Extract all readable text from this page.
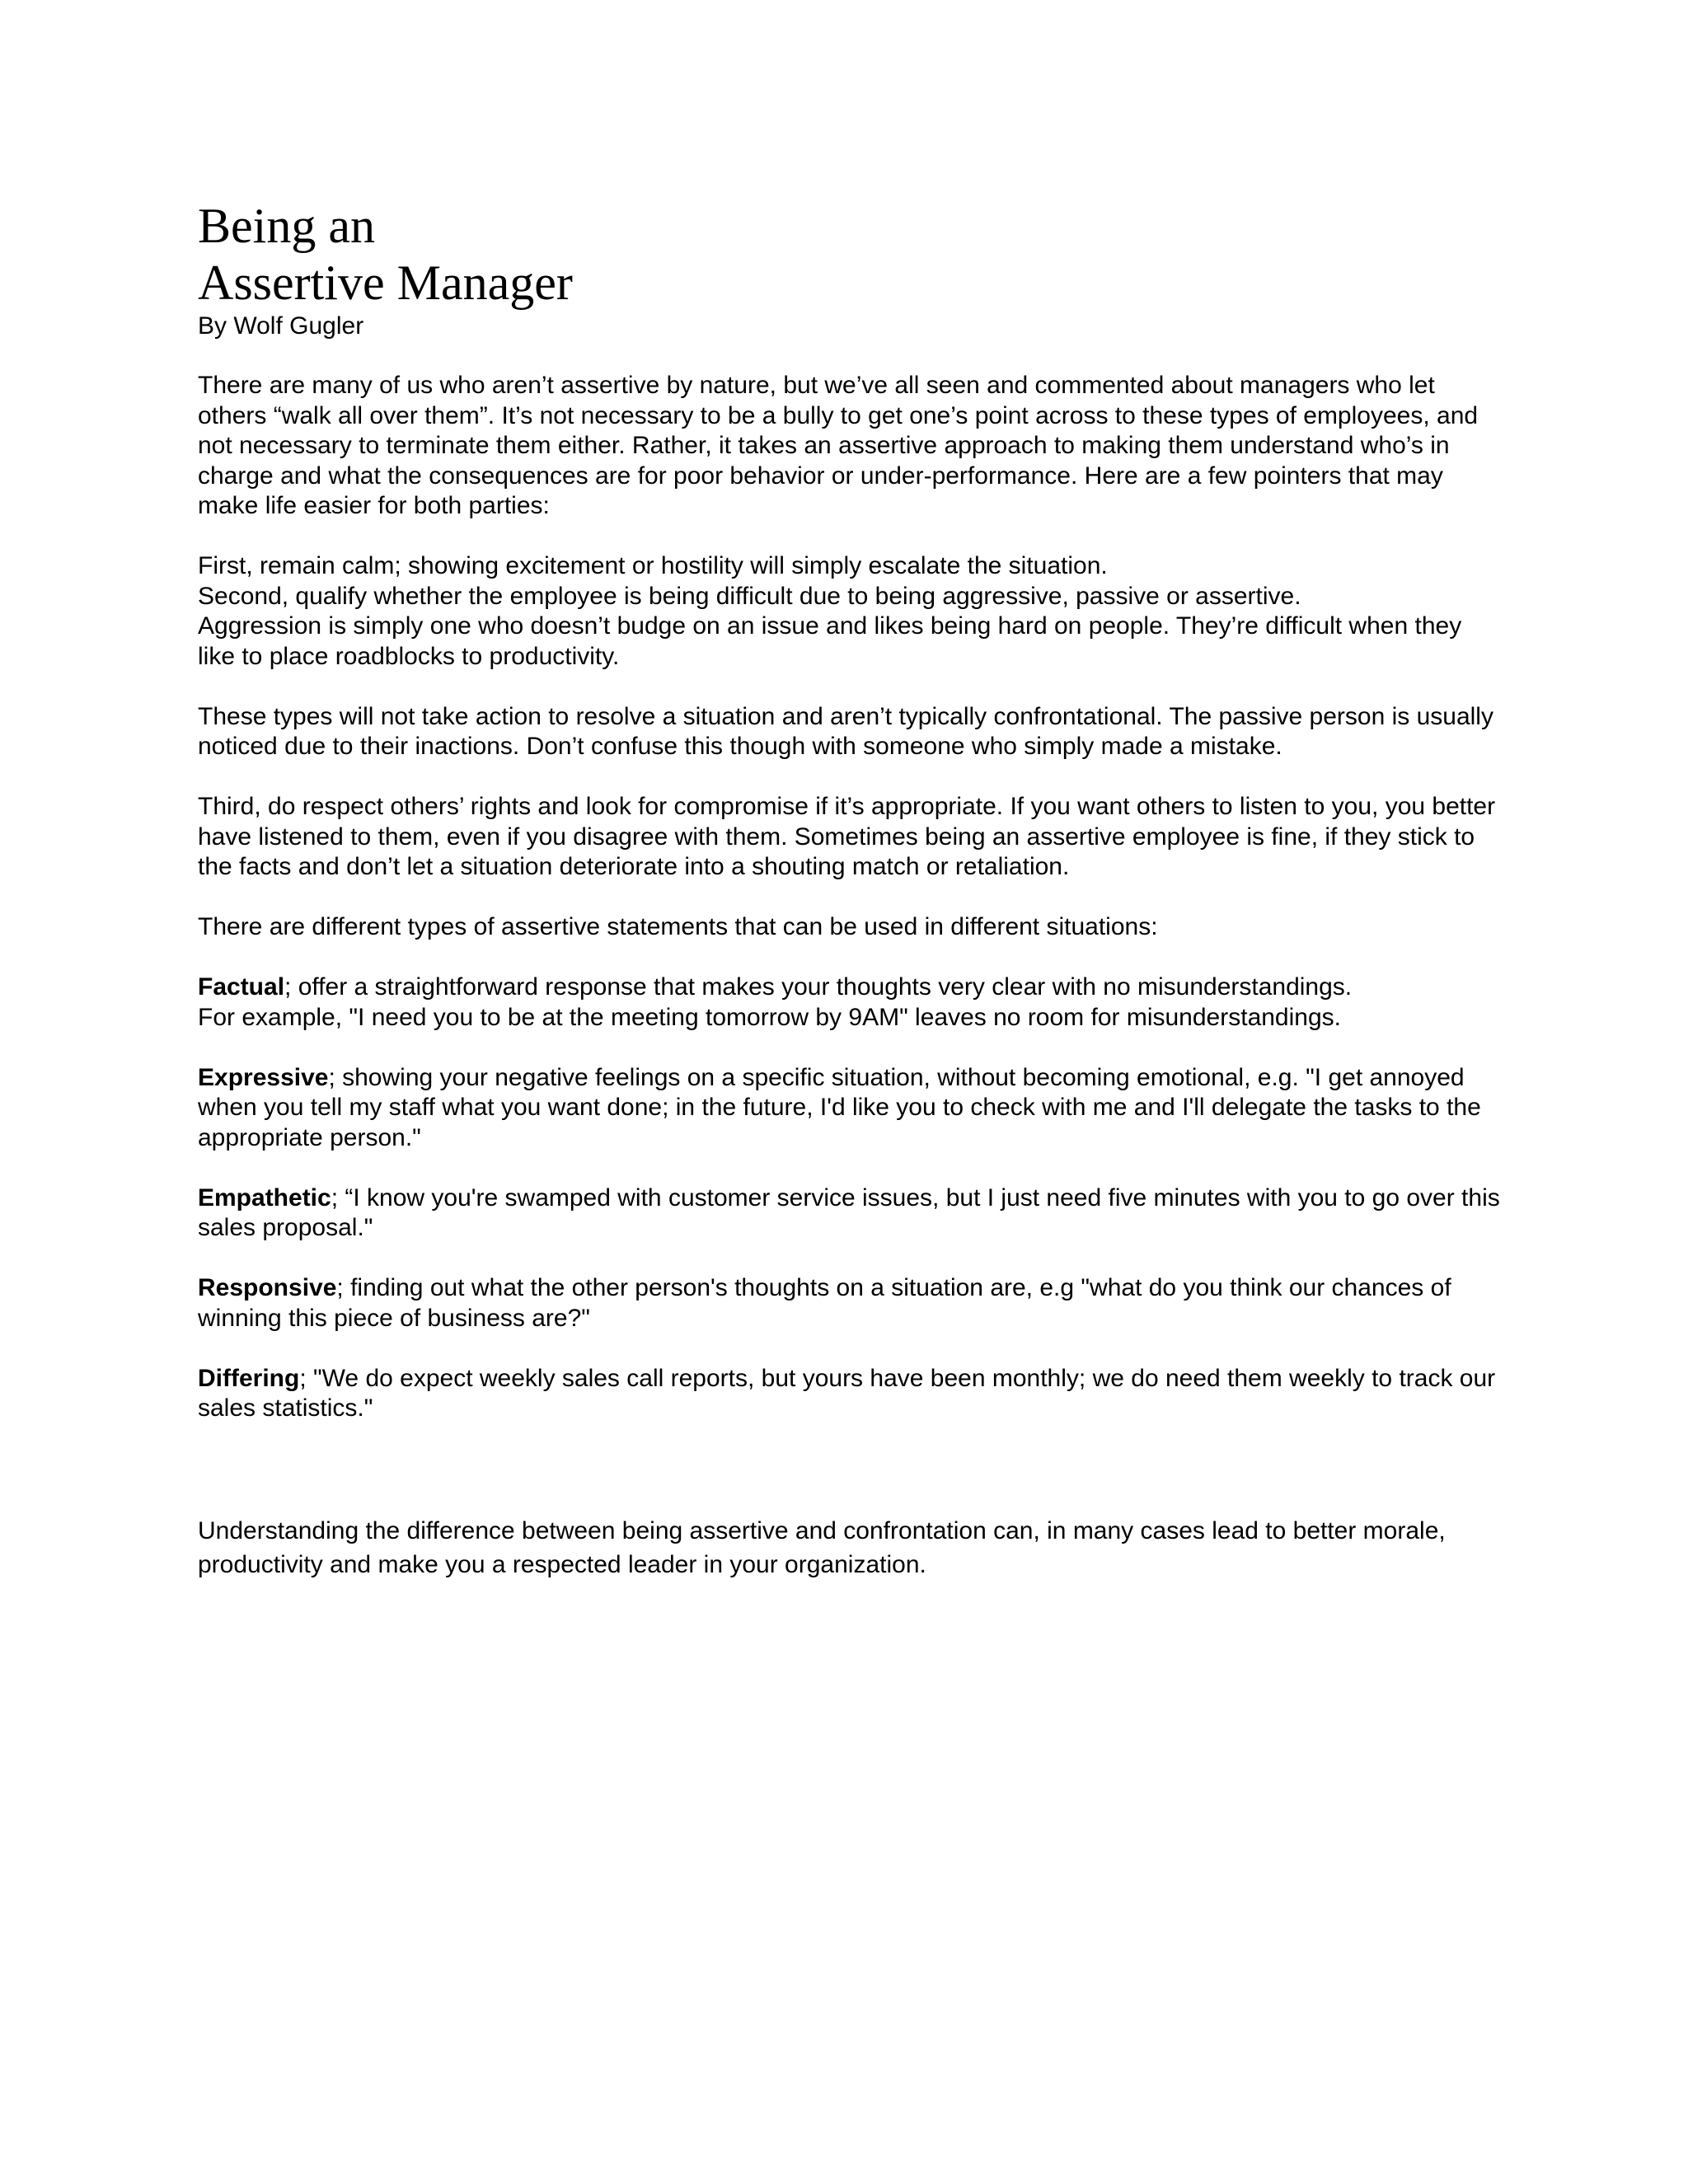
Being an
Assertive Manager

By Wolf Gugler

There are many of us who aren’t assertive by nature, but we’ve all seen and commented about managers who let others “walk all over them”. It’s not necessary to be a bully to get one’s point across to these types of employees, and not necessary to terminate them either. Rather, it takes an assertive approach to making them understand who’s in charge and what the consequences are for poor behavior or under-performance. Here are a few pointers that may make life easier for both parties:

First, remain calm; showing excitement or hostility will simply escalate the situation.
Second, qualify whether the employee is being difficult due to being aggressive, passive or assertive.
Aggression is simply one who doesn’t budge on an issue and likes being hard on people. They’re difficult when they like to place roadblocks to productivity.

These types will not take action to resolve a situation and aren’t typically confrontational. The passive person is usually noticed due to their inactions. Don’t confuse this though with someone who simply made a mistake.

Third, do respect others’ rights and look for compromise if it’s appropriate. If you want others to listen to you, you better have listened to them, even if you disagree with them. Sometimes being an assertive employee is fine, if they stick to the facts and don’t let a situation deteriorate into a shouting match or retaliation.

There are different types of assertive statements that can be used in different situations:

Factual; offer a straightforward response that makes your thoughts very clear with no misunderstandings.
For example, "I need you to be at the meeting tomorrow by 9AM" leaves no room for misunderstandings.

Expressive; showing your negative feelings on a specific situation, without becoming emotional, e.g. "I get annoyed when you tell my staff what you want done; in the future, I'd like you to check with me and I'll delegate the tasks to the appropriate person."

Empathetic; “I know you're swamped with customer service issues, but I just need five minutes with you to go over this sales proposal."

Responsive; finding out what the other person's thoughts on a situation are, e.g "what do you think our chances of winning this piece of business are?"

Differing; "We do expect weekly sales call reports, but yours have been monthly; we do need them weekly to track our sales statistics."

Understanding the difference between being assertive and confrontation can, in many cases lead to better morale, productivity and make you a respected leader in your organization.
